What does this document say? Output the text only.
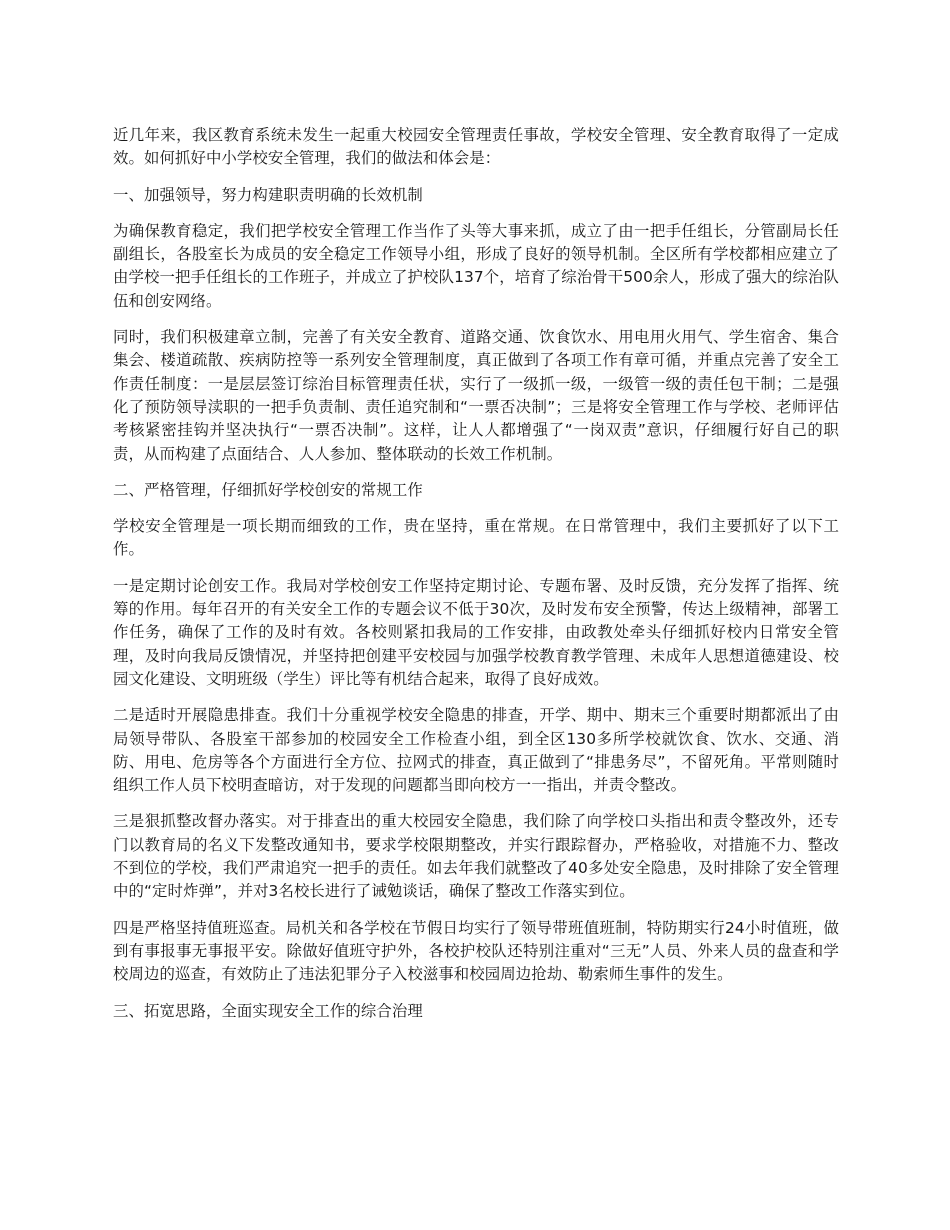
近几年来，我区教育系统未发生一起重大校园安全管理责任事故，学校安全管理、安全教育取得了一定成效。如何抓好中小学校安全管理，我们的做法和体会是：

一、加强领导，努力构建职责明确的长效机制

为确保教育稳定，我们把学校安全管理工作当作了头等大事来抓，成立了由一把手任组长，分管副局长任副组长，各股室长为成员的安全稳定工作领导小组，形成了良好的领导机制。全区所有学校都相应建立了由学校一把手任组长的工作班子，并成立了护校队137个，培育了综治骨干500余人，形成了强大的综治队伍和创安网络。

同时，我们积极建章立制，完善了有关安全教育、道路交通、饮食饮水、用电用火用气、学生宿舍、集合集会、楼道疏散、疾病防控等一系列安全管理制度，真正做到了各项工作有章可循，并重点完善了安全工作责任制度：一是层层签订综治目标管理责任状，实行了一级抓一级，一级管一级的责任包干制；二是强化了预防领导渎职的一把手负责制、责任追究制和“一票否决制”；三是将安全管理工作与学校、老师评估考核紧密挂钩并坚决执行“一票否决制”。这样，让人人都增强了“一岗双责”意识，仔细履行好自己的职责，从而构建了点面结合、人人参加、整体联动的长效工作机制。

二、严格管理，仔细抓好学校创安的常规工作

学校安全管理是一项长期而细致的工作，贵在坚持，重在常规。在日常管理中，我们主要抓好了以下工作。

一是定期讨论创安工作。我局对学校创安工作坚持定期讨论、专题布署、及时反馈，充分发挥了指挥、统筹的作用。每年召开的有关安全工作的专题会议不低于30次，及时发布安全预警，传达上级精神，部署工作任务，确保了工作的及时有效。各校则紧扣我局的工作安排，由政教处牵头仔细抓好校内日常安全管理，及时向我局反馈情况，并坚持把创建平安校园与加强学校教育教学管理、未成年人思想道德建设、校园文化建设、文明班级（学生）评比等有机结合起来，取得了良好成效。

二是适时开展隐患排查。我们十分重视学校安全隐患的排查，开学、期中、期末三个重要时期都派出了由局领导带队、各股室干部参加的校园安全工作检查小组，到全区130多所学校就饮食、饮水、交通、消防、用电、危房等各个方面进行全方位、拉网式的排查，真正做到了“排患务尽”，不留死角。平常则随时组织工作人员下校明查暗访，对于发现的问题都当即向校方一一指出，并责令整改。

三是狠抓整改督办落实。对于排查出的重大校园安全隐患，我们除了向学校口头指出和责令整改外，还专门以教育局的名义下发整改通知书，要求学校限期整改，并实行跟踪督办，严格验收，对措施不力、整改不到位的学校，我们严肃追究一把手的责任。如去年我们就整改了40多处安全隐患，及时排除了安全管理中的“定时炸弹”，并对3名校长进行了诫勉谈话，确保了整改工作落实到位。

四是严格坚持值班巡查。局机关和各学校在节假日均实行了领导带班值班制，特防期实行24小时值班，做到有事报事无事报平安。除做好值班守护外，各校护校队还特别注重对“三无”人员、外来人员的盘查和学校周边的巡查，有效防止了违法犯罪分子入校滋事和校园周边抢劫、勒索师生事件的发生。

三、拓宽思路，全面实现安全工作的综合治理
